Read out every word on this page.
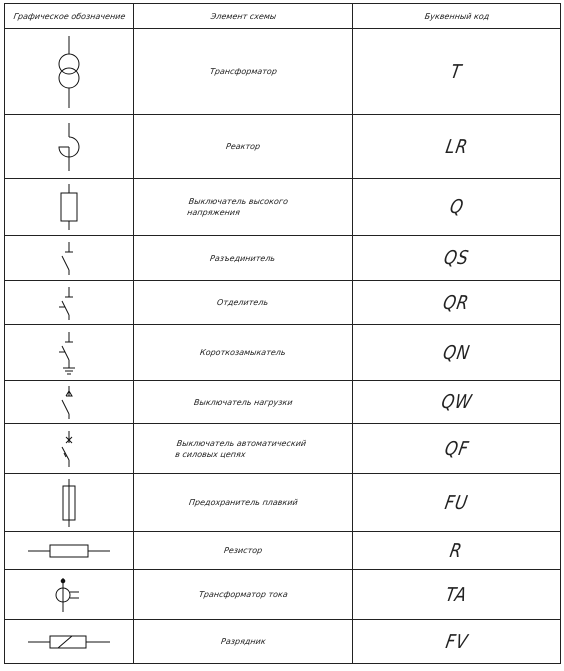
Графическое обозначение	Элемент схемы	Буквенный код

	Трансформатор	T

	Реактор	LR

	Выключатель высокого напряжения	Q

	Разъединитель	QS

	Отделитель	QR

	Короткозамыкатель	QN

	Выключатель нагрузки	QW

	Выключатель автоматический в силовых цепях	QF

	Предохранитель плавкий	FU

	Резистор	R

	Трансформатор тока	TA

	Разрядник	FV
